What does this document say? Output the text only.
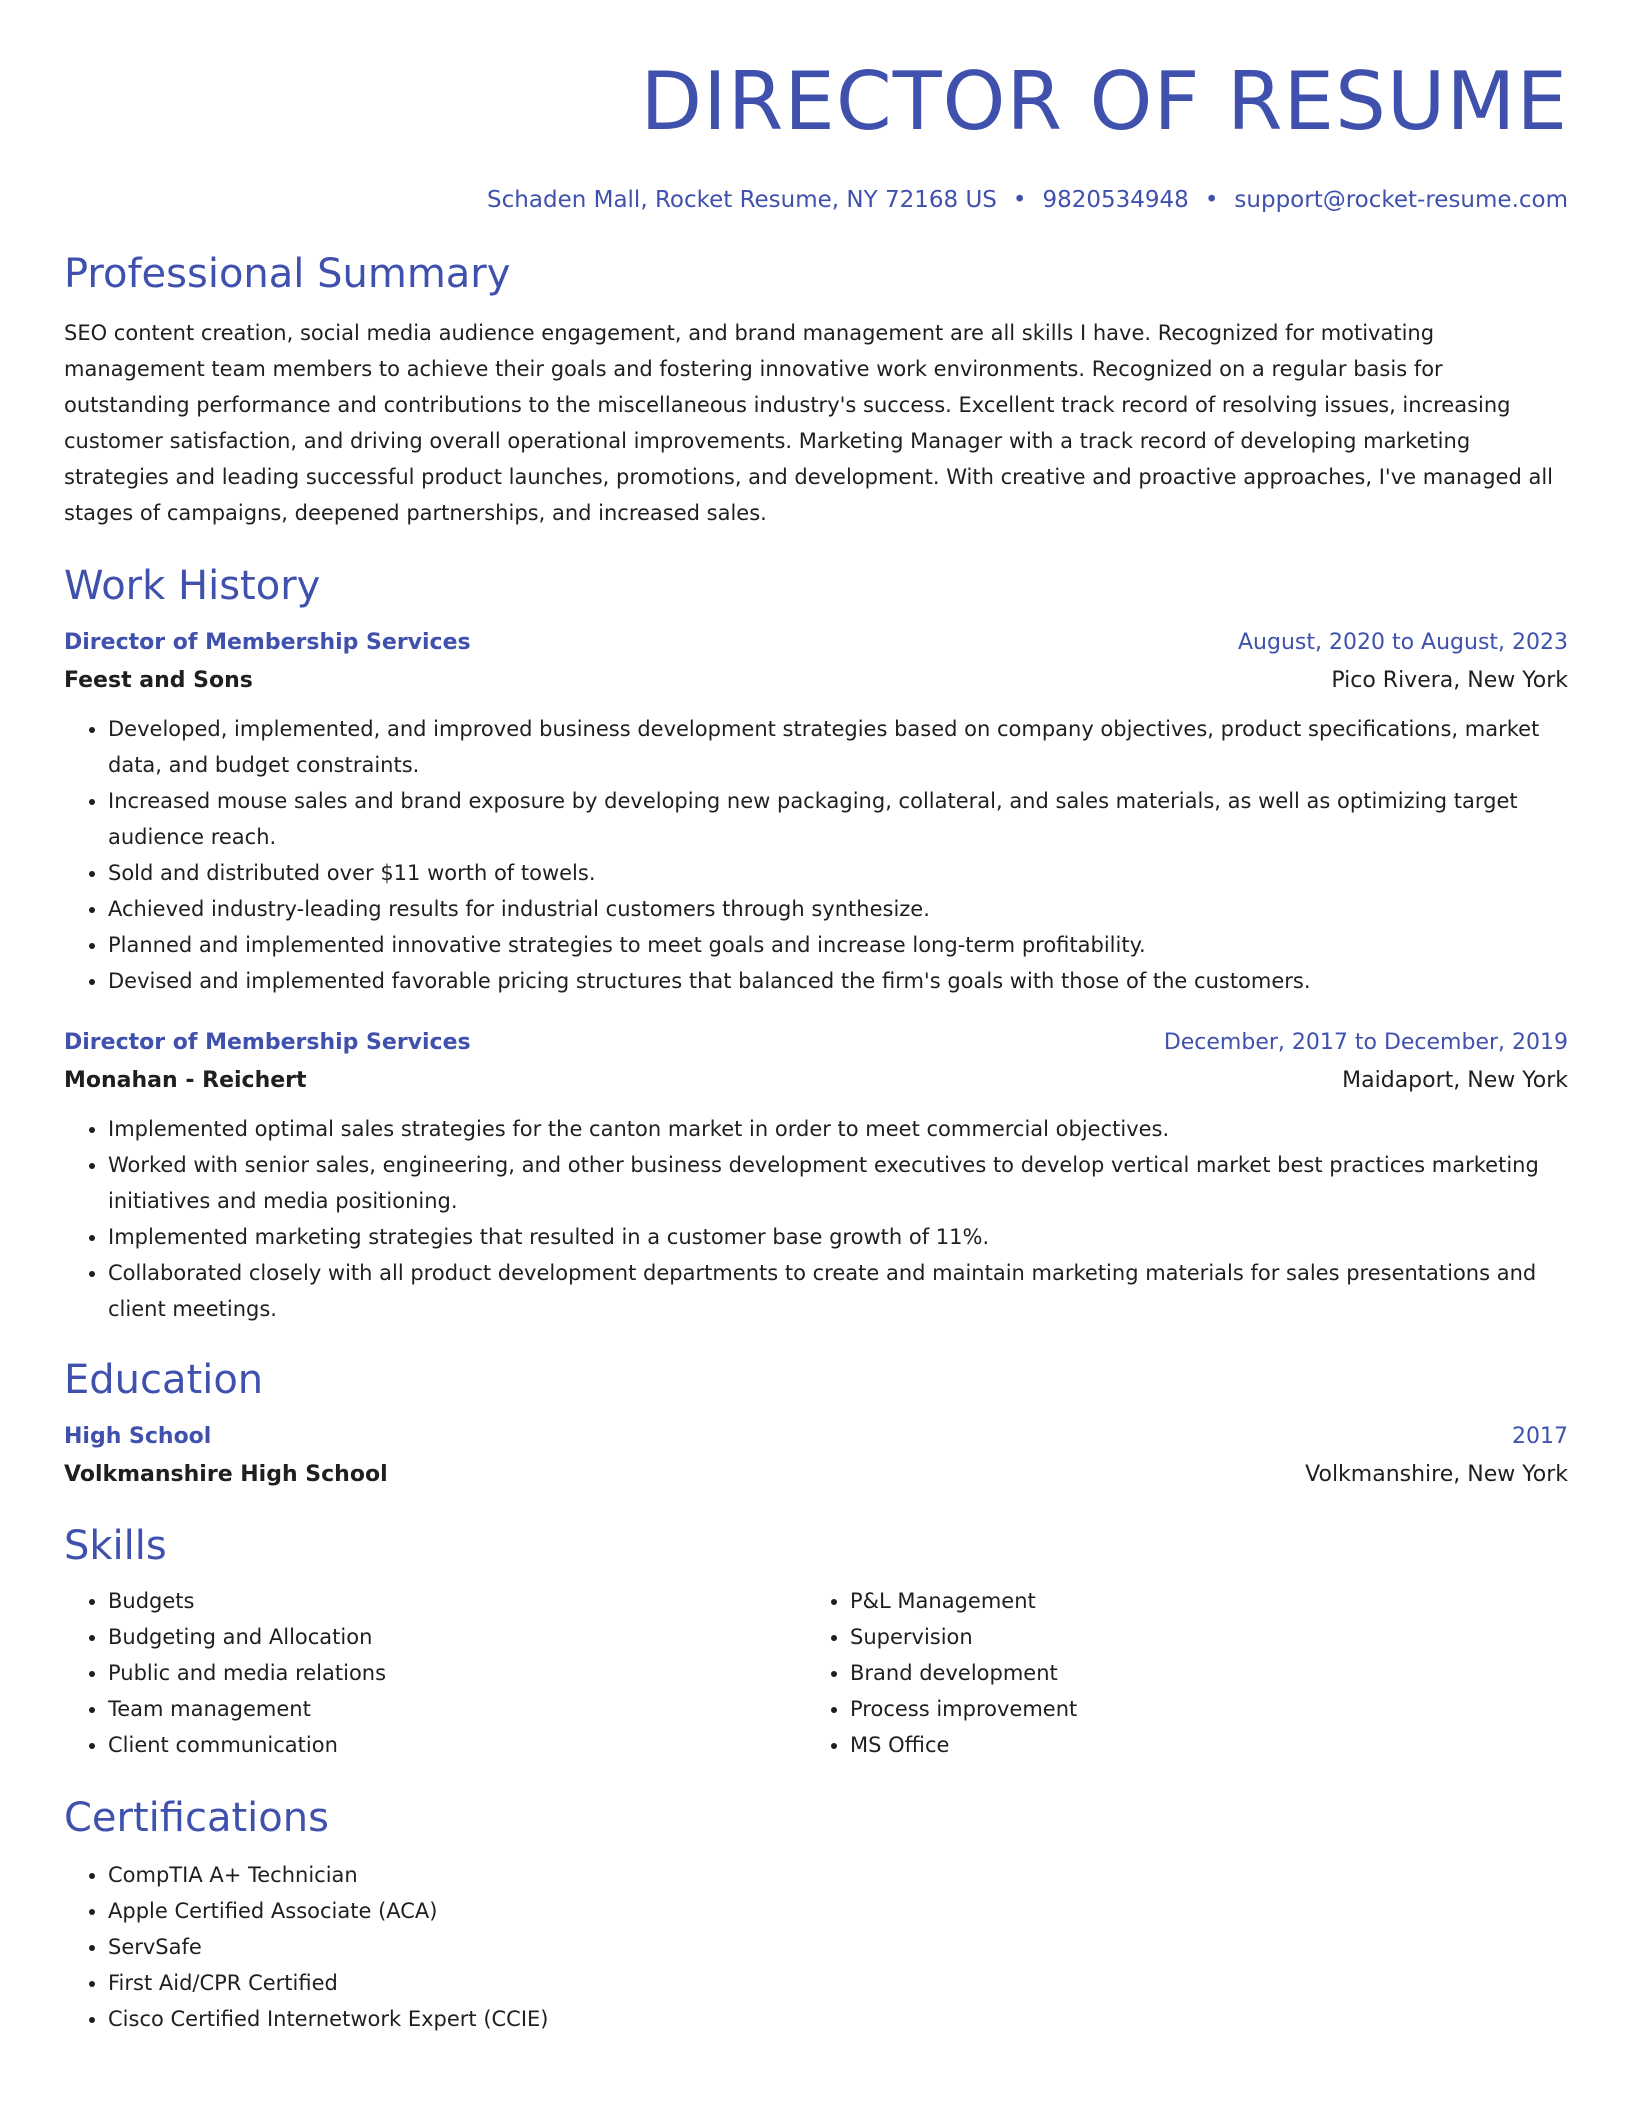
DIRECTOR OF RESUME
Schaden Mall, Rocket Resume, NY 72168 US • 9820534948 • support@rocket-resume.com
Professional Summary
SEO content creation, social media audience engagement, and brand management are all skills I have. Recognized for motivating management team members to achieve their goals and fostering innovative work environments. Recognized on a regular basis for outstanding performance and contributions to the miscellaneous industry's success. Excellent track record of resolving issues, increasing customer satisfaction, and driving overall operational improvements. Marketing Manager with a track record of developing marketing strategies and leading successful product launches, promotions, and development. With creative and proactive approaches, I've managed all stages of campaigns, deepened partnerships, and increased sales.
Work History
Director of Membership Services	August, 2020 to August, 2023
Feest and Sons	Pico Rivera, New York
• Developed, implemented, and improved business development strategies based on company objectives, product specifications, market data, and budget constraints.
• Increased mouse sales and brand exposure by developing new packaging, collateral, and sales materials, as well as optimizing target audience reach.
• Sold and distributed over $11 worth of towels.
• Achieved industry-leading results for industrial customers through synthesize.
• Planned and implemented innovative strategies to meet goals and increase long-term profitability.
• Devised and implemented favorable pricing structures that balanced the firm's goals with those of the customers.
Director of Membership Services	December, 2017 to December, 2019
Monahan - Reichert	Maidaport, New York
• Implemented optimal sales strategies for the canton market in order to meet commercial objectives.
• Worked with senior sales, engineering, and other business development executives to develop vertical market best practices marketing initiatives and media positioning.
• Implemented marketing strategies that resulted in a customer base growth of 11%.
• Collaborated closely with all product development departments to create and maintain marketing materials for sales presentations and client meetings.
Education
High School	2017
Volkmanshire High School	Volkmanshire, New York
Skills
• Budgets
• Budgeting and Allocation
• Public and media relations
• Team management
• Client communication
• P&L Management
• Supervision
• Brand development
• Process improvement
• MS Office
Certifications
• CompTIA A+ Technician
• Apple Certified Associate (ACA)
• ServSafe
• First Aid/CPR Certified
• Cisco Certified Internetwork Expert (CCIE)
